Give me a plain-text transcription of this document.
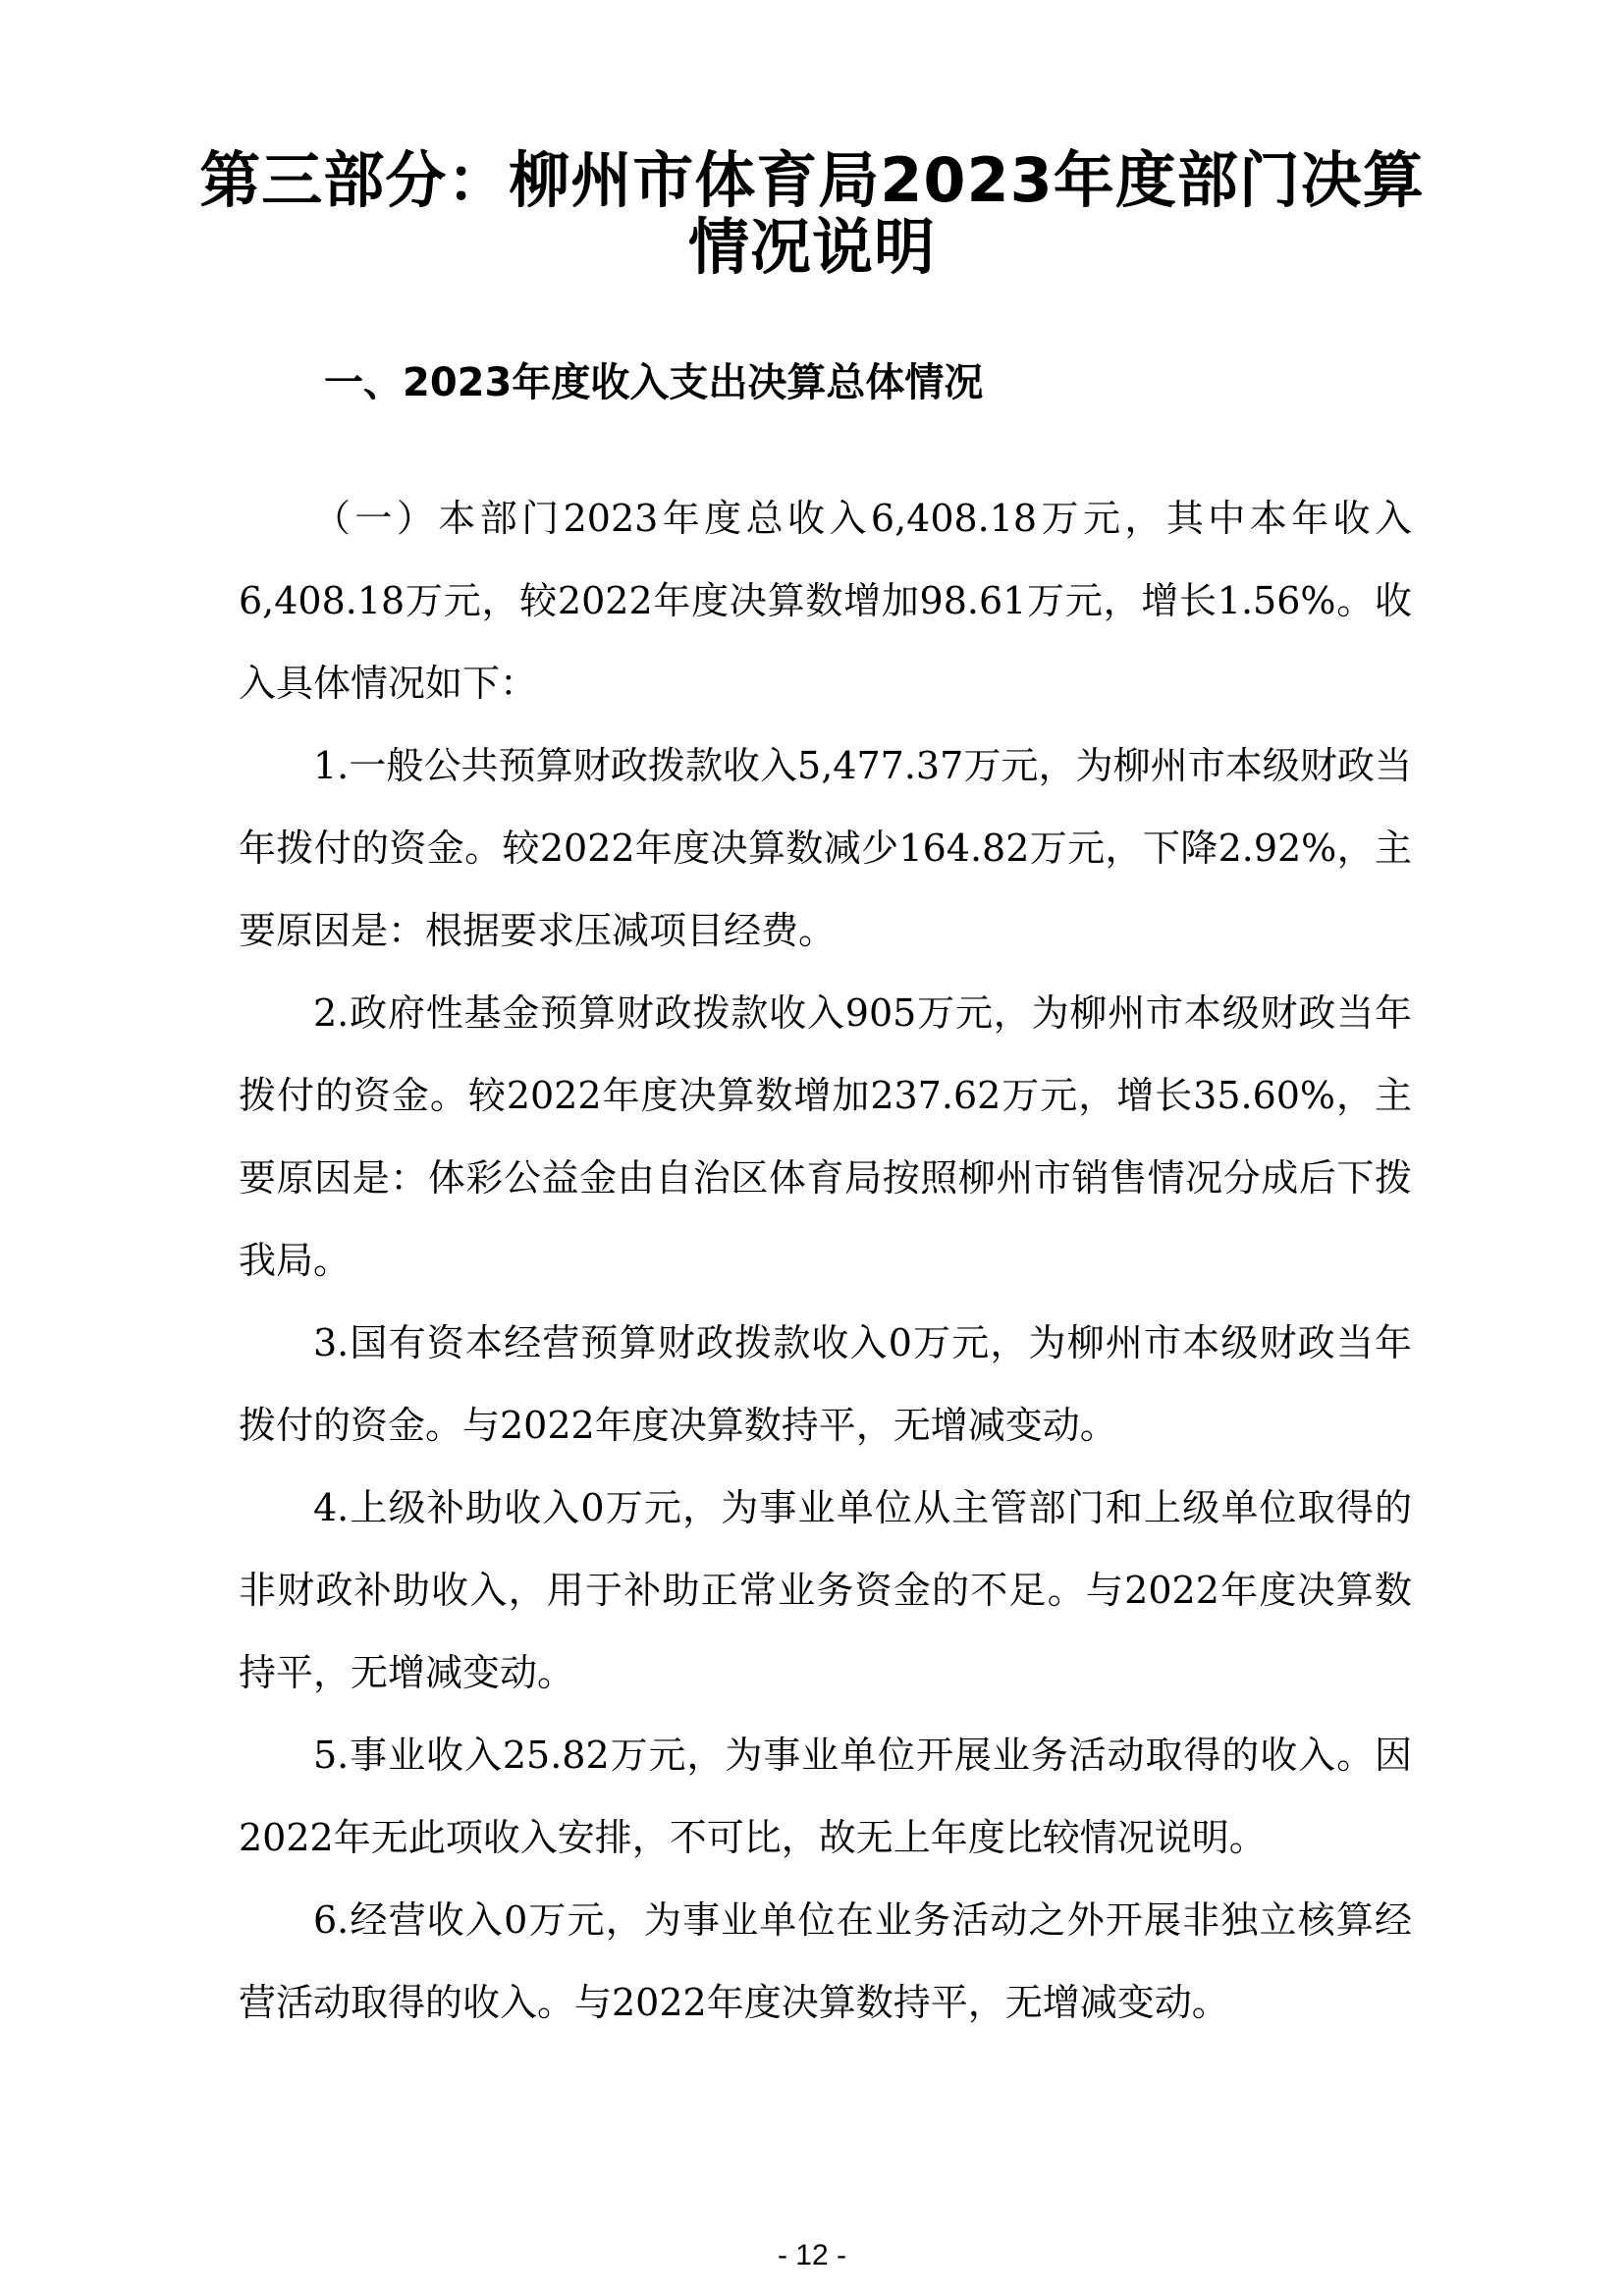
第三部分：柳州市体育局2023年度部门决算
情况说明
一、2023年度收入支出决算总体情况

（一）本部门2023年度总收入6,408.18万元，其中本年收入6,408.18万元，较2022年度决算数增加98.61万元，增长1.56%。收入具体情况如下：

1.一般公共预算财政拨款收入5,477.37万元，为柳州市本级财政当年拨付的资金。较2022年度决算数减少164.82万元，下降2.92%，主要原因是：根据要求压减项目经费。

2.政府性基金预算财政拨款收入905万元，为柳州市本级财政当年拨付的资金。较2022年度决算数增加237.62万元，增长35.60%，主要原因是：体彩公益金由自治区体育局按照柳州市销售情况分成后下拨我局。

3.国有资本经营预算财政拨款收入0万元，为柳州市本级财政当年拨付的资金。与2022年度决算数持平，无增减变动。

4.上级补助收入0万元，为事业单位从主管部门和上级单位取得的非财政补助收入，用于补助正常业务资金的不足。与2022年度决算数持平，无增减变动。

5.事业收入25.82万元，为事业单位开展业务活动取得的收入。因2022年无此项收入安排，不可比，故无上年度比较情况说明。

6.经营收入0万元，为事业单位在业务活动之外开展非独立核算经营活动取得的收入。与2022年度决算数持平，无增减变动。

- 12 -
